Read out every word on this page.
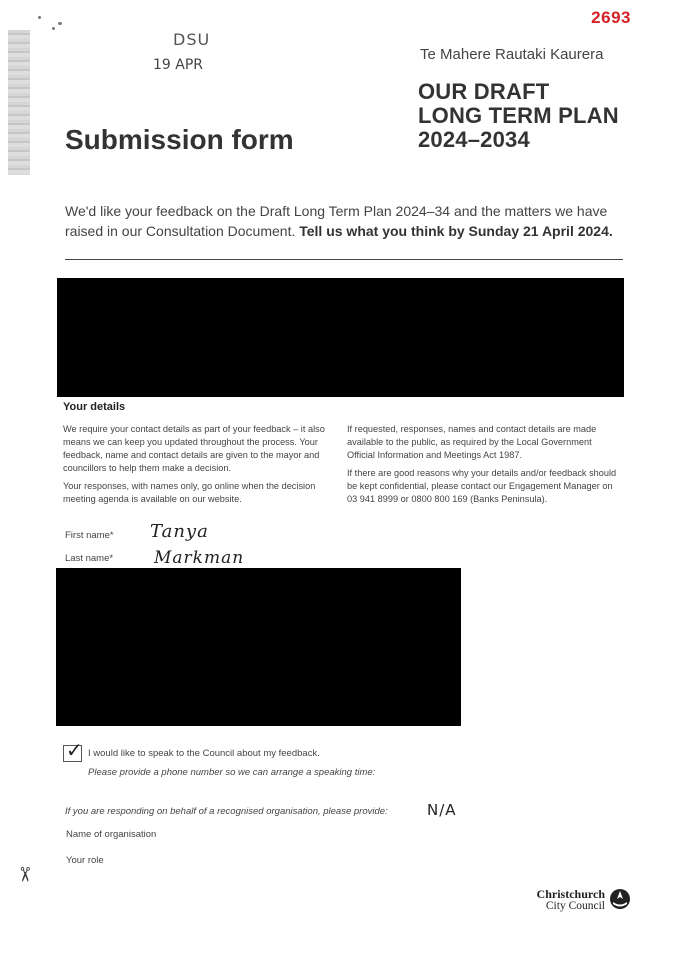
2693
DSU
19 APR
Te Mahere Rautaki Kaurera
OUR DRAFT
LONG TERM PLAN
2024–2034
Submission form
We'd like your feedback on the Draft Long Term Plan 2024–34 and the matters we have raised in our Consultation Document. Tell us what you think by Sunday 21 April 2024.
Your details

We require your contact details as part of your feedback – it also means we can keep you updated throughout the process. Your feedback, name and contact details are given to the mayor and councillors to help them make a decision.

Your responses, with names only, go online when the decision meeting agenda is available on our website.

If requested, responses, names and contact details are made available to the public, as required by the Local Government Official Information and Meetings Act 1987.

If there are good reasons why your details and/or feedback should be kept confidential, please contact our Engagement Manager on 03 941 8999 or 0800 800 169 (Banks Peninsula).

First name* Tanya
Last name* Markman
✓ I would like to speak to the Council about my feedback.
Please provide a phone number so we can arrange a speaking time:
If you are responding on behalf of a recognised organisation, please provide:	N/A
Name of organisation
Your role
✂
Christchurch
City Council
